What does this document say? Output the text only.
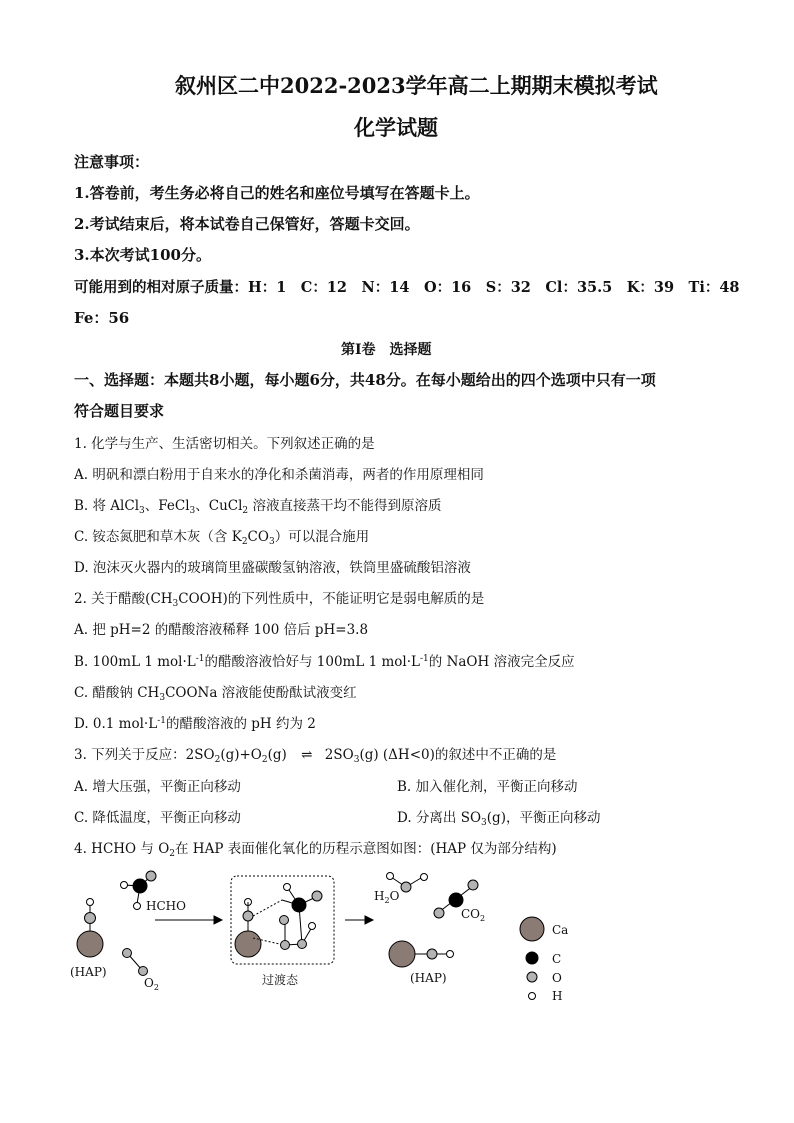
叙州区二中2022-2023学年高二上期期末模拟考试
化学试题
注意事项：
1.答卷前，考生务必将自己的姓名和座位号填写在答题卡上。
2.考试结束后，将本试卷自己保管好，答题卡交回。
3.本次考试100分。
可能用到的相对原子质量：H：1　C：12　N：14　O：16　S：32　Cl：35.5　K：39　Ti：48
Fe：56
第Ⅰ卷　选择题
一、选择题：本题共8小题，每小题6分，共48分。在每小题给出的四个选项中只有一项
符合题目要求
1. 化学与生产、生活密切相关。下列叙述正确的是
A. 明矾和漂白粉用于自来水的净化和杀菌消毒，两者的作用原理相同
B. 将 AlCl$_3$、FeCl$_3$、CuCl$_2$ 溶液直接蒸干均不能得到原溶质
C. 铵态氮肥和草木灰（含 $K_2CO_3$）可以混合施用
D. 泡沫灭火器内的玻璃筒里盛碳酸氢钠溶液，铁筒里盛硫酸铝溶液
2. 关于醋酸$(CH_3COOH)$的下列性质中，不能证明它是弱电解质的是
A. 把 pH=2 的醋酸溶液稀释 100 倍后 pH=3.8
B. 100mL 1 $mol\cdot L^{-1}$的醋酸溶液恰好与 100mL 1 $mol\cdot L^{-1}$的 NaOH 溶液完全反应
C. 醋酸钠 $CH_3COONa$ 溶液能使酚酞试液变红
D. 0.1 $mol\cdot L^{-1}$的醋酸溶液的 pH 约为 2
3. 下列关于反应：$2SO_2(g)+O_2(g)$ ⇌ $2SO_3(g)$ (ΔH<0)的叙述中不正确的是
A. 增大压强，平衡正向移动	B. 加入催化剂，平衡正向移动
C. 降低温度，平衡正向移动	D. 分离出 $SO_3(g)$，平衡正向移动
4. HCHO 与 $O_2$在 HAP 表面催化氧化的历程示意图如图：(HAP 仅为部分结构)
(HAP)
HCHO
$O_2$
过渡态
$H_2O$
$CO_2$
(HAP)
Ca
C
O
H
